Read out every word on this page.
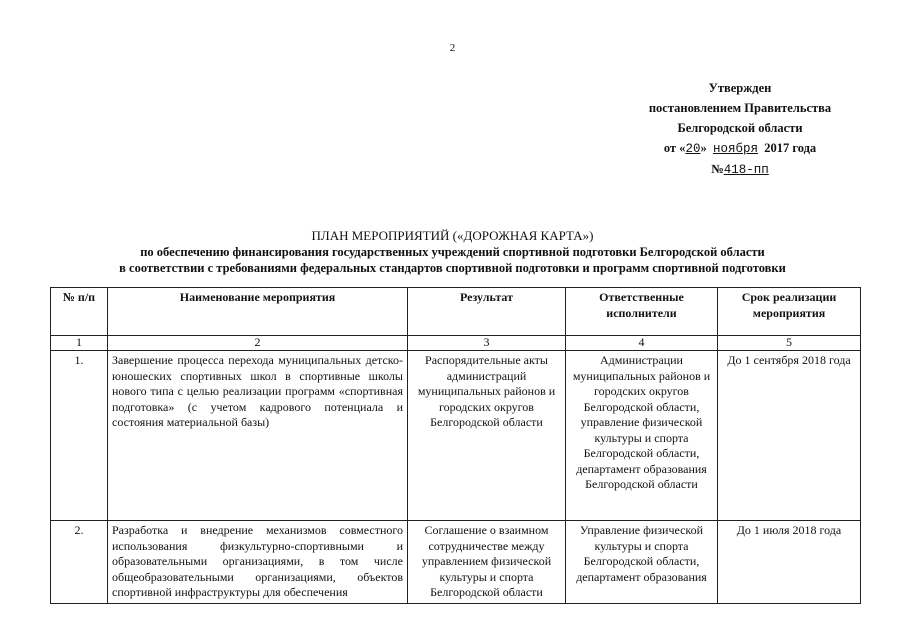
2
Утвержден
постановлением Правительства
Белгородской области
от «20» ноября 2017 года
№418-пп
ПЛАН МЕРОПРИЯТИЙ («ДОРОЖНАЯ КАРТА»)
по обеспечению финансирования государственных учреждений спортивной подготовки Белгородской области
в соответствии с требованиями федеральных стандартов спортивной подготовки и программ спортивной подготовки
№ п/п	Наименование мероприятия	Результат	Ответственные исполнители	Срок реализации мероприятия
1	2	3	4	5
1.	Завершение процесса перехода муниципальных детско-юношеских спортивных школ в спортивные школы нового типа с целью реализации программ «спортивная подготовка» (с учетом кадрового потенциала и состояния материальной базы)	Распорядительные акты администраций муниципальных районов и городских округов Белгородской области	Администрации муниципальных районов и городских округов Белгородской области, управление физической культуры и спорта Белгородской области, департамент образования Белгородской области	До 1 сентября 2018 года
2.	Разработка и внедрение механизмов совместного использования физкультурно-спортивными и образовательными организациями, в том числе общеобразовательными организациями, объектов спортивной инфраструктуры для обеспечения	Соглашение о взаимном сотрудничестве между управлением физической культуры и спорта Белгородской области	Управление физической культуры и спорта Белгородской области, департамент образования	До 1 июля 2018 года
